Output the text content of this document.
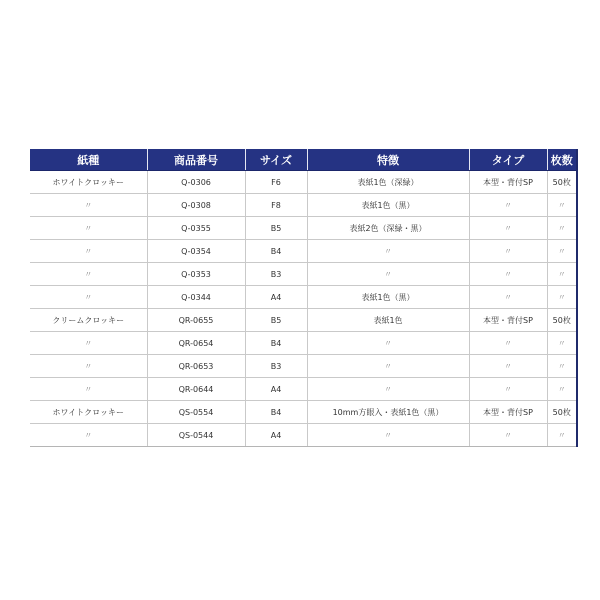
紙種	商品番号	サイズ	特徴	タイプ	枚数
ホワイトクロッキー	Q-0306	F6	表紙1色（深緑）	本型・背付SP	50枚
〃	Q-0308	F8	表紙1色（黒）	〃	〃
〃	Q-0355	B5	表紙2色（深緑・黒）	〃	〃
〃	Q-0354	B4	〃	〃	〃
〃	Q-0353	B3	〃	〃	〃
〃	Q-0344	A4	表紙1色（黒）	〃	〃
クリームクロッキー	QR-0655	B5	表紙1色	本型・背付SP	50枚
〃	QR-0654	B4	〃	〃	〃
〃	QR-0653	B3	〃	〃	〃
〃	QR-0644	A4	〃	〃	〃
ホワイトクロッキー	QS-0554	B4	10mm方眼入・表紙1色（黒）	本型・背付SP	50枚
〃	QS-0544	A4	〃	〃	〃
